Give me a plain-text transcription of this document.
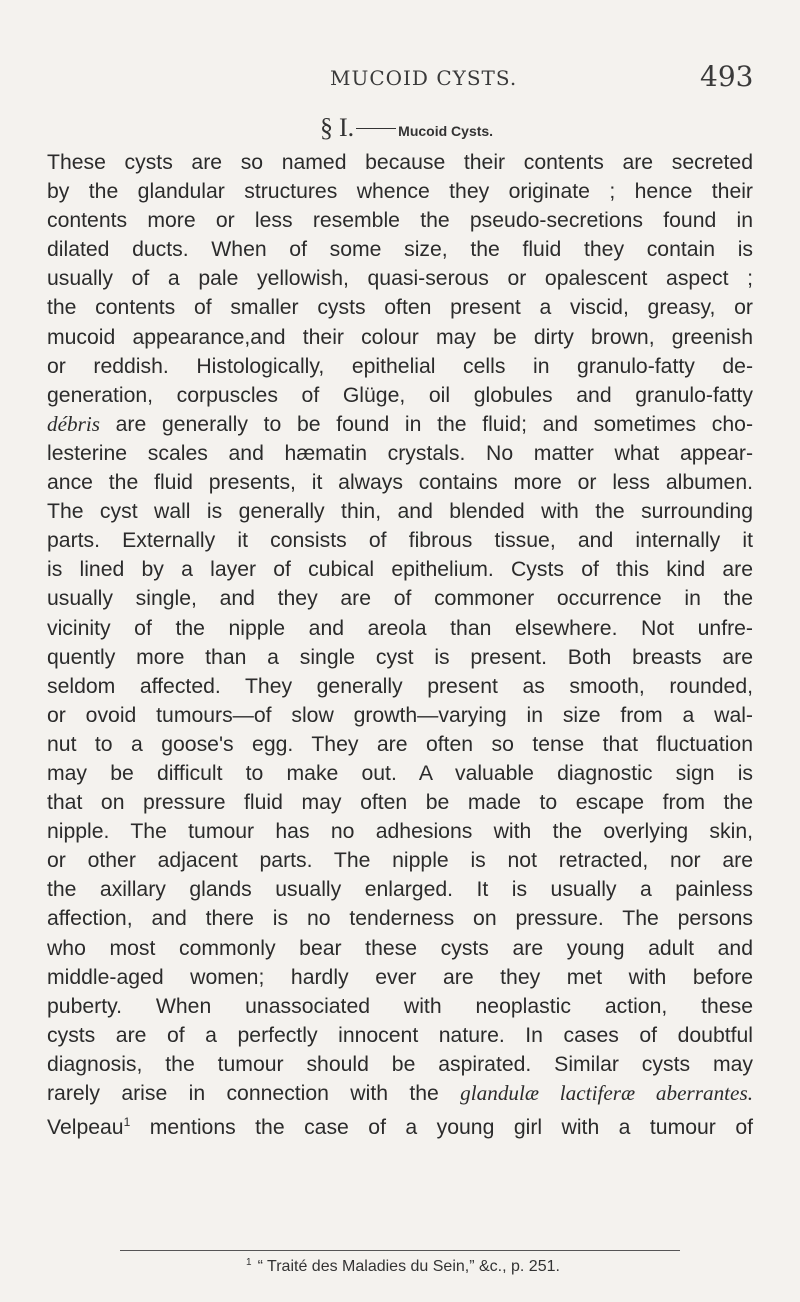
MUCOID CYSTS.	493
§ I.	Mucoid Cysts.
These cysts are so named because their contents are secreted
by the glandular structures whence they originate ; hence their
contents more or less resemble the pseudo-secretions found in
dilated ducts. When of some size, the fluid they contain is
usually of a pale yellowish, quasi-serous or opalescent aspect ;
the contents of smaller cysts often present a viscid, greasy, or
mucoid appearance,and their colour may be dirty brown, greenish
or reddish. Histologically, epithelial cells in granulo-fatty de-
generation, corpuscles of Glüge, oil globules and granulo-fatty
débris are generally to be found in the fluid; and sometimes cho-
lesterine scales and hæmatin crystals. No matter what appear-
ance the fluid presents, it always contains more or less albumen.
The cyst wall is generally thin, and blended with the surrounding
parts. Externally it consists of fibrous tissue, and internally it
is lined by a layer of cubical epithelium. Cysts of this kind are
usually single, and they are of commoner occurrence in the
vicinity of the nipple and areola than elsewhere. Not unfre-
quently more than a single cyst is present. Both breasts are
seldom affected. They generally present as smooth, rounded,
or ovoid tumours—of slow growth—varying in size from a wal-
nut to a goose's egg. They are often so tense that fluctuation
may be difficult to make out. A valuable diagnostic sign is
that on pressure fluid may often be made to escape from the
nipple. The tumour has no adhesions with the overlying skin,
or other adjacent parts. The nipple is not retracted, nor are
the axillary glands usually enlarged. It is usually a painless
affection, and there is no tenderness on pressure. The persons
who most commonly bear these cysts are young adult and
middle-aged women; hardly ever are they met with before
puberty. When unassociated with neoplastic action, these
cysts are of a perfectly innocent nature. In cases of doubtful
diagnosis, the tumour should be aspirated. Similar cysts may
rarely arise in connection with the glandulæ lactiferæ aberrantes.
Velpeau$^1$ mentions the case of a young girl with a tumour of
$^1$ “ Traité des Maladies du Sein,” &c., p. 251.
